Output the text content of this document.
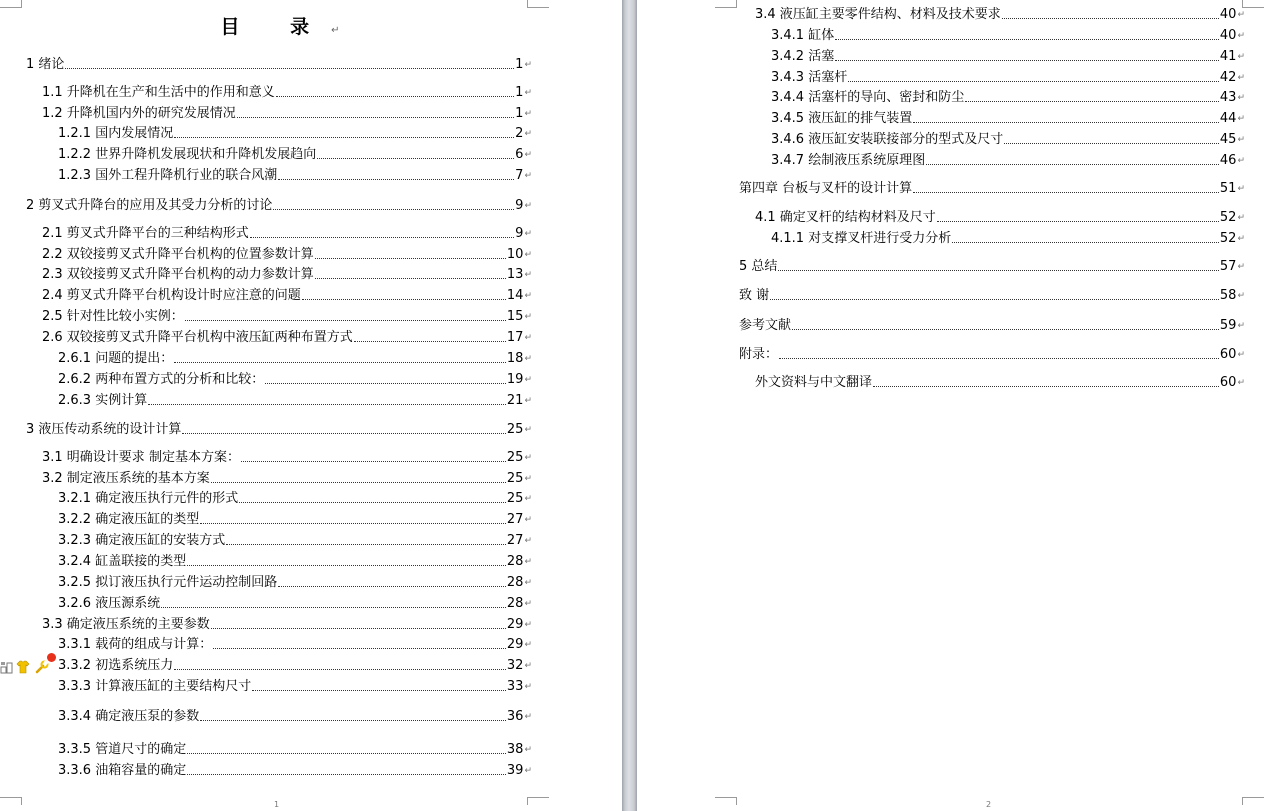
目 录↵
1 绪论	1 ↵
1.1 升降机在生产和生活中的作用和意义	1 ↵
1.2 升降机国内外的研究发展情况	1 ↵
1.2.1 国内发展情况	2 ↵
1.2.2 世界升降机发展现状和升降机发展趋向	6 ↵
1.2.3 国外工程升降机行业的联合风潮	7 ↵
2 剪叉式升降台的应用及其受力分析的讨论	9 ↵
2.1 剪叉式升降平台的三种结构形式	9 ↵
2.2 双铰接剪叉式升降平台机构的位置参数计算	10 ↵
2.3 双铰接剪叉式升降平台机构的动力参数计算	13 ↵
2.4 剪叉式升降平台机构设计时应注意的问题	14 ↵
2.5 针对性比较小实例：	15 ↵
2.6 双铰接剪叉式升降平台机构中液压缸两种布置方式	17 ↵
2.6.1 问题的提出：	18 ↵
2.6.2 两种布置方式的分析和比较：	19 ↵
2.6.3 实例计算	21 ↵
3 液压传动系统的设计计算	25 ↵
3.1 明确设计要求 制定基本方案：	25 ↵
3.2 制定液压系统的基本方案	25 ↵
3.2.1 确定液压执行元件的形式	25 ↵
3.2.2 确定液压缸的类型	27 ↵
3.2.3 确定液压缸的安装方式	27 ↵
3.2.4 缸盖联接的类型	28 ↵
3.2.5 拟订液压执行元件运动控制回路	28 ↵
3.2.6 液压源系统	28 ↵
3.3 确定液压系统的主要参数	29 ↵
3.3.1 载荷的组成与计算：	29 ↵
3.3.2 初选系统压力	32 ↵
3.3.3 计算液压缸的主要结构尺寸	33 ↵
3.3.4 确定液压泵的参数	36 ↵
3.3.5 管道尺寸的确定	38 ↵
3.3.6 油箱容量的确定	39 ↵
1
3.4 液压缸主要零件结构、材料及技术要求	40 ↵
3.4.1 缸体	40 ↵
3.4.2 活塞	41 ↵
3.4.3 活塞杆	42 ↵
3.4.4 活塞杆的导向、密封和防尘	43 ↵
3.4.5 液压缸的排气装置	44 ↵
3.4.6 液压缸安装联接部分的型式及尺寸	45 ↵
3.4.7 绘制液压系统原理图	46 ↵
第四章 台板与叉杆的设计计算	51 ↵
4.1 确定叉杆的结构材料及尺寸	52 ↵
4.1.1 对支撑叉杆进行受力分析	52 ↵
5 总结	57 ↵
致 谢	58 ↵
参考文献	59 ↵
附录：	60 ↵
外文资料与中文翻译	60 ↵
2
